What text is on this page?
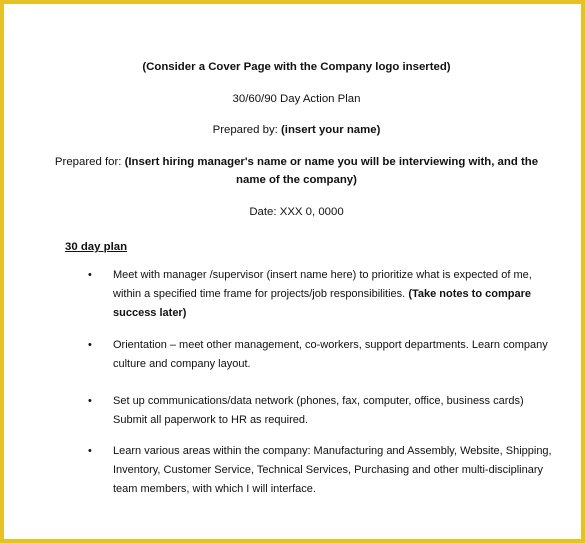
(Consider a Cover Page with the Company logo inserted)
30/60/90 Day Action Plan
Prepared by: (insert your name)
Prepared for: (Insert hiring manager's name or name you will be interviewing with, and the
name of the company)
Date: XXX 0, 0000
30 day plan
• Meet with manager /supervisor (insert name here) to prioritize what is expected of me, within a specified time frame for projects/job responsibilities. (Take notes to compare success later)
• Orientation – meet other management, co-workers, support departments. Learn company culture and company layout.
• Set up communications/data network (phones, fax, computer, office, business cards) Submit all paperwork to HR as required.
• Learn various areas within the company: Manufacturing and Assembly, Website, Shipping, Inventory, Customer Service, Technical Services, Purchasing and other multi-disciplinary team members, with which I will interface.
